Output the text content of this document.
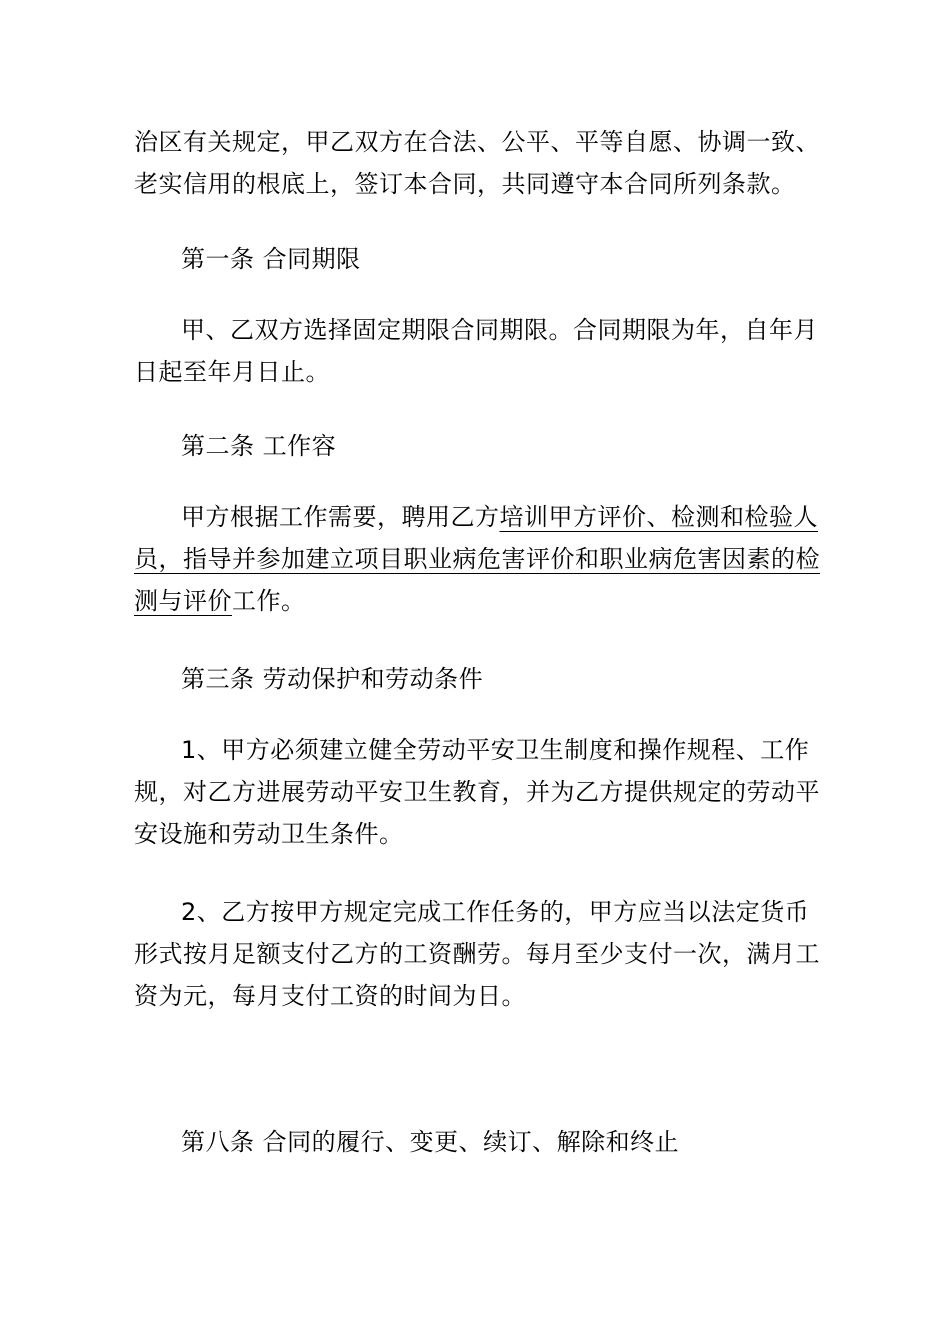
治区有关规定，甲乙双方在合法、公平、平等自愿、协调一致、
老实信用的根底上，签订本合同，共同遵守本合同所列条款。
第一条 合同期限
甲、乙双方选择固定期限合同期限。合同期限为年，自年月
日起至年月日止。
第二条 工作容
甲方根据工作需要，聘用乙方培训甲方评价、检测和检验人
员，指导并参加建立项目职业病危害评价和职业病危害因素的检
测与评价工作。
第三条 劳动保护和劳动条件
1、甲方必须建立健全劳动平安卫生制度和操作规程、工作
规，对乙方进展劳动平安卫生教育，并为乙方提供规定的劳动平
安设施和劳动卫生条件。
2、乙方按甲方规定完成工作任务的，甲方应当以法定货币
形式按月足额支付乙方的工资酬劳。每月至少支付一次，满月工
资为元，每月支付工资的时间为日。
第八条 合同的履行、变更、续订、解除和终止
